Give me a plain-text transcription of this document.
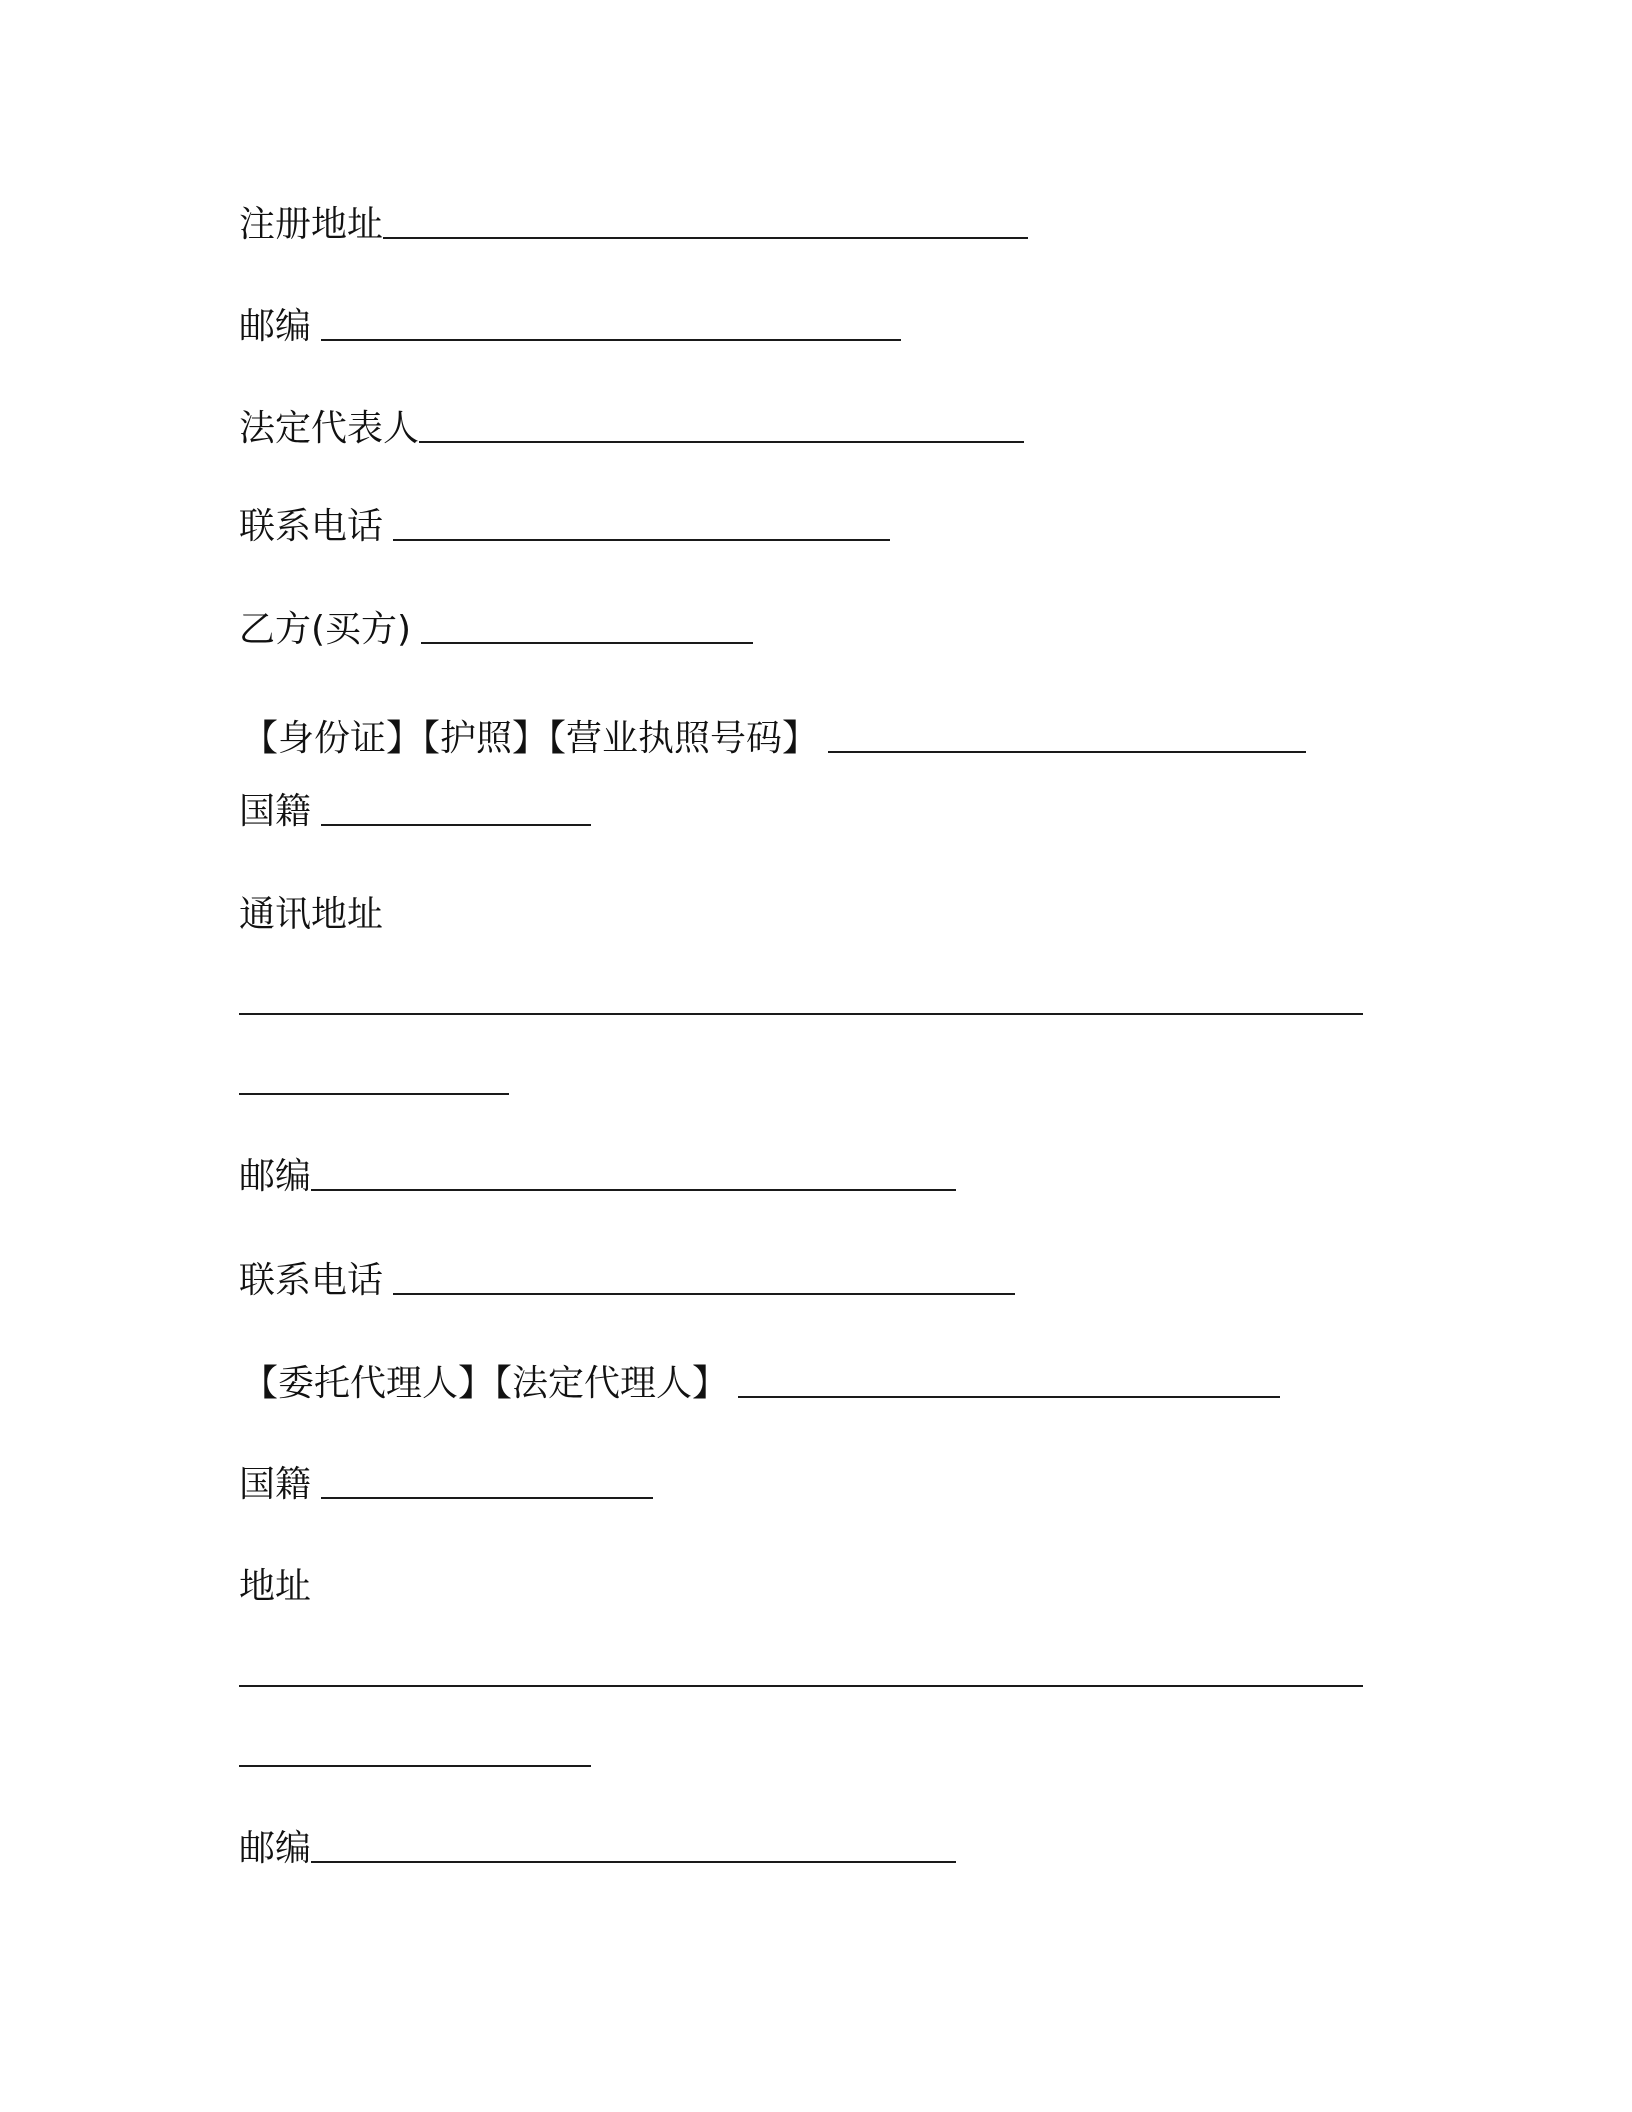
注册地址
邮编
法定代表人
联系电话
乙方(买方)
【身份证】【护照】【营业执照号码】
国籍
通讯地址
邮编
联系电话
【委托代理人】【法定代理人】
国籍
地址
邮编
